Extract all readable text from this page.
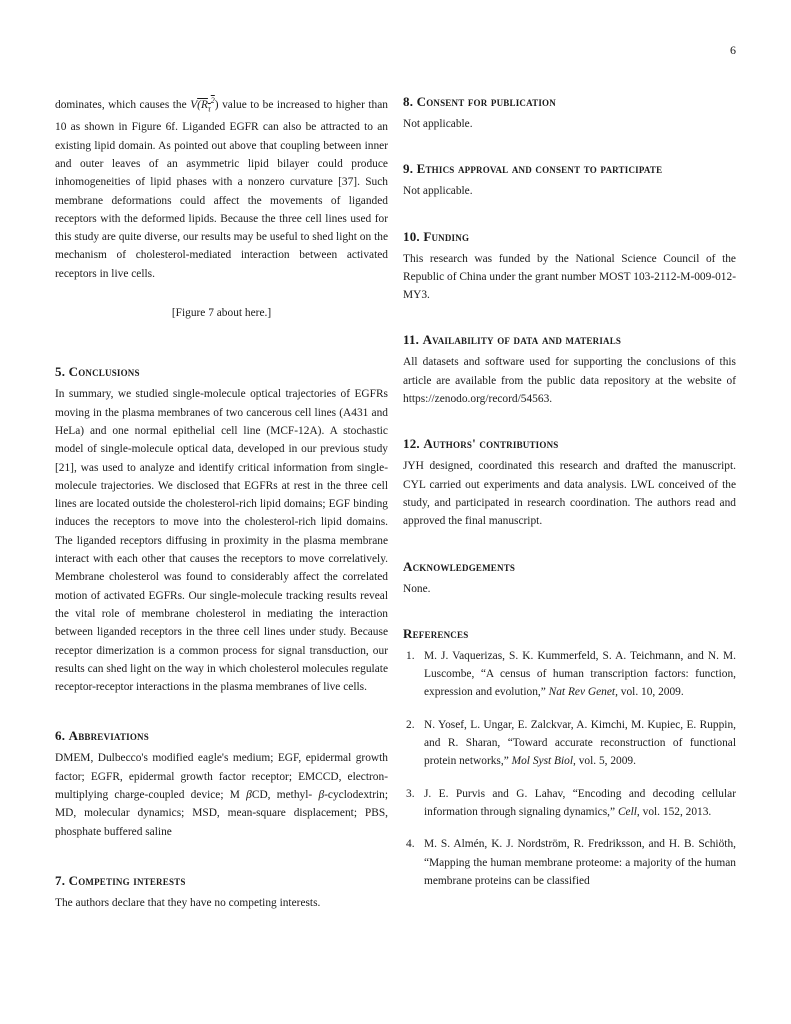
6

dominates, which causes the $V(R_\tau^2)$ value to be increased to higher than 10 as shown in Figure 6f. Liganded EGFR can also be attracted to an existing lipid domain. As pointed out above that coupling between inner and outer leaves of an asymmetric lipid bilayer could produce inhomogeneities of lipid phases with a nonzero curvature [37]. Such membrane deformations could affect the movements of liganded receptors with the deformed lipids. Because the three cell lines used for this study are quite diverse, our results may be useful to shed light on the mechanism of cholesterol-mediated interaction between activated receptors in live cells.

[Figure 7 about here.]

5. Conclusions

In summary, we studied single-molecule optical trajectories of EGFRs moving in the plasma membranes of two cancerous cell lines (A431 and HeLa) and one normal epithelial cell line (MCF-12A). A stochastic model of single-molecule optical data, developed in our previous study [21], was used to analyze and identify critical information from single-molecule trajectories. We disclosed that EGFRs at rest in the three cell lines are located outside the cholesterol-rich lipid domains; EGF binding induces the receptors to move into the cholesterol-rich lipid domains. The liganded receptors diffusing in proximity in the plasma membrane interact with each other that causes the receptors to move correlatively. Membrane cholesterol was found to considerably affect the correlated motion of activated EGFRs. Our single-molecule tracking results reveal the vital role of membrane cholesterol in mediating the interaction between liganded receptors in the three cell lines under study. Because receptor dimerization is a common process for signal transduction, our results can shed light on the way in which cholesterol molecules regulate receptor-receptor interactions in the plasma membranes of live cells.

6. Abbreviations

DMEM, Dulbecco's modified eagle's medium; EGF, epidermal growth factor; EGFR, epidermal growth factor receptor; EMCCD, electron-multiplying charge-coupled device; M βCD, methyl- β-cyclodextrin; MD, molecular dynamics; MSD, mean-square displacement; PBS, phosphate buffered saline

7. Competing interests

The authors declare that they have no competing interests.

8. Consent for publication

Not applicable.

9. Ethics approval and consent to participate

Not applicable.

10. Funding

This research was funded by the National Science Council of the Republic of China under the grant number MOST 103-2112-M-009-012-MY3.

11. Availability of data and materials

All datasets and software used for supporting the conclusions of this article are available from the public data repository at the website of https://zenodo.org/record/54563.

12. Authors' contributions

JYH designed, coordinated this research and drafted the manuscript. CYL carried out experiments and data analysis. LWL conceived of the study, and participated in research coordination. The authors read and approved the final manuscript.

Acknowledgements

None.

References
1. M. J. Vaquerizas, S. K. Kummerfeld, S. A. Teichmann, and N. M. Luscombe, “A census of human transcription factors: function, expression and evolution,” Nat Rev Genet, vol. 10, 2009.
2. N. Yosef, L. Ungar, E. Zalckvar, A. Kimchi, M. Kupiec, E. Ruppin, and R. Sharan, “Toward accurate reconstruction of functional protein networks,” Mol Syst Biol, vol. 5, 2009.
3. J. E. Purvis and G. Lahav, “Encoding and decoding cellular information through signaling dynamics,” Cell, vol. 152, 2013.
4. M. S. Almén, K. J. Nordström, R. Fredriksson, and H. B. Schiöth, “Mapping the human membrane proteome: a majority of the human membrane proteins can be classified
